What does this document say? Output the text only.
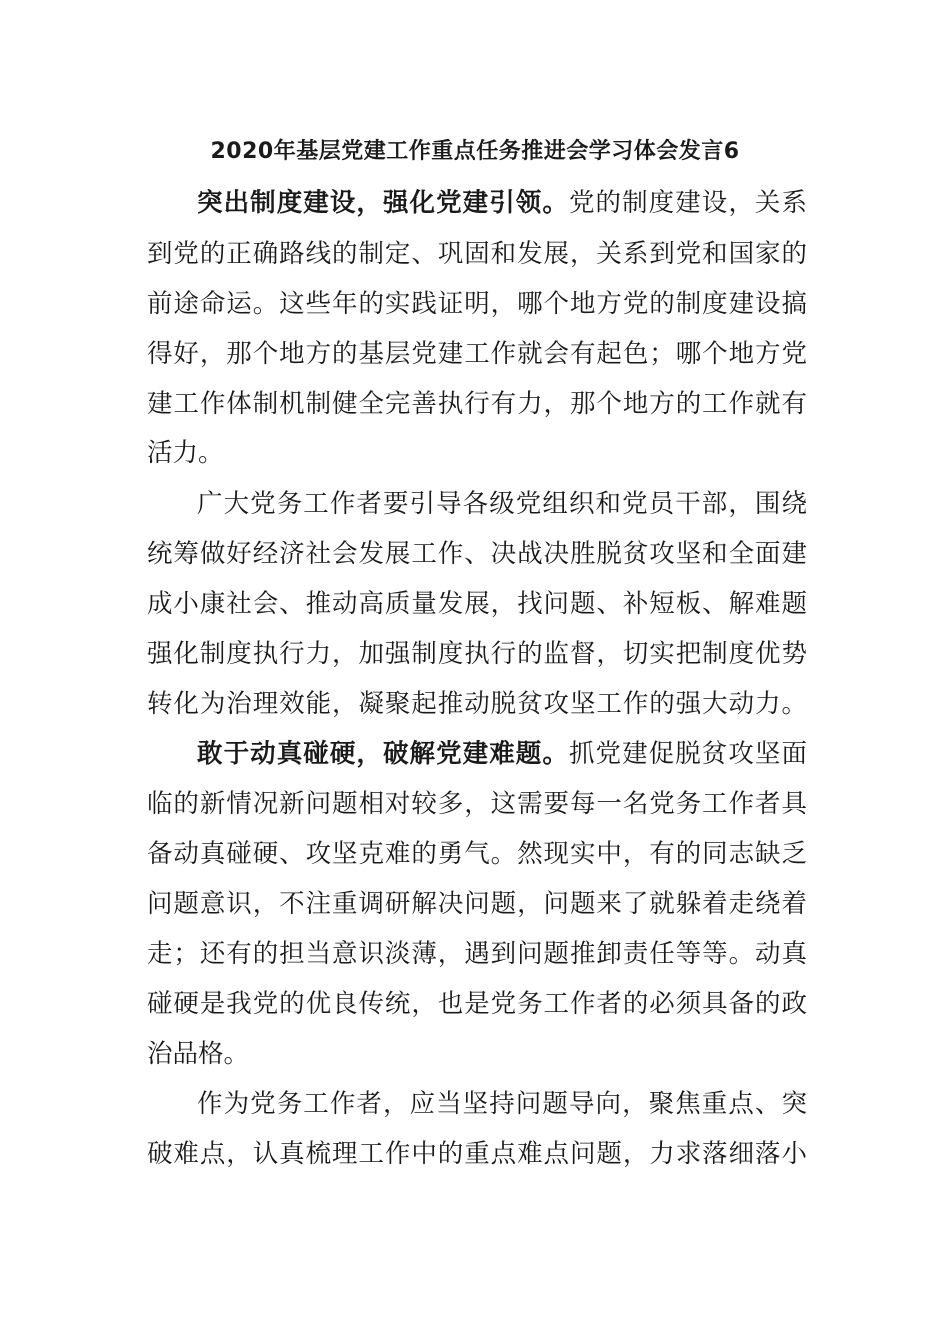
2020年基层党建工作重点任务推进会学习体会发言6
突出制度建设，强化党建引领。党的制度建设，关系
到党的正确路线的制定、巩固和发展，关系到党和国家的
前途命运。这些年的实践证明，哪个地方党的制度建设搞
得好，那个地方的基层党建工作就会有起色；哪个地方党
建工作体制机制健全完善执行有力，那个地方的工作就有
活力。
广大党务工作者要引导各级党组织和党员干部，围绕
统筹做好经济社会发展工作、决战决胜脱贫攻坚和全面建
成小康社会、推动高质量发展，找问题、补短板、解难题
强化制度执行力，加强制度执行的监督，切实把制度优势
转化为治理效能，凝聚起推动脱贫攻坚工作的强大动力。
敢于动真碰硬，破解党建难题。抓党建促脱贫攻坚面
临的新情况新问题相对较多，这需要每一名党务工作者具
备动真碰硬、攻坚克难的勇气。然现实中，有的同志缺乏
问题意识，不注重调研解决问题，问题来了就躲着走绕着
走；还有的担当意识淡薄，遇到问题推卸责任等等。动真
碰硬是我党的优良传统，也是党务工作者的必须具备的政
治品格。
作为党务工作者，应当坚持问题导向，聚焦重点、突
破难点，认真梳理工作中的重点难点问题，力求落细落小
